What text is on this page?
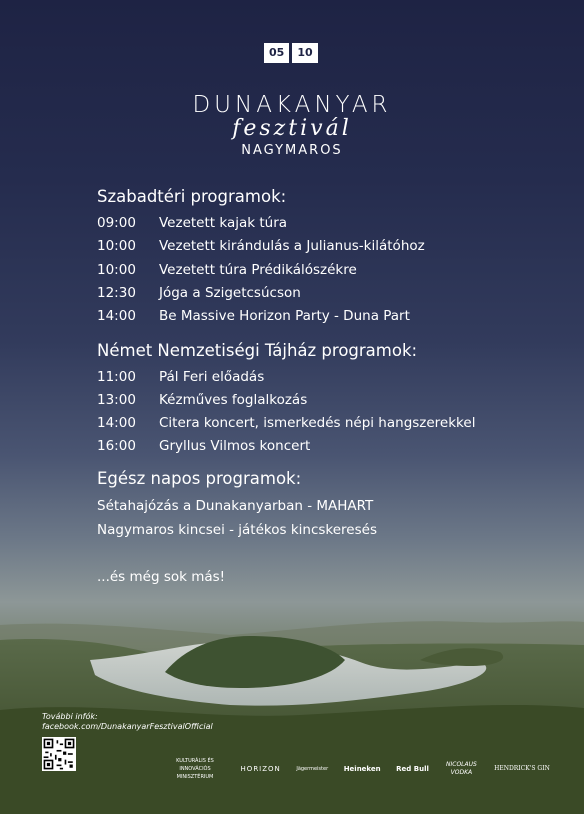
05	10
DUNAKANYAR
fesztivál
NAGYMAROS
Szabadtéri programok:
09:00	Vezetett kajak túra
10:00	Vezetett kirándulás a Julianus-kilátóhoz
10:00	Vezetett túra Prédikálószékre
12:30	Jóga a Szigetcsúcson
14:00	Be Massive Horizon Party - Duna Part
Német Nemzetiségi Tájház programok:
11:00	Pál Feri előadás
13:00	Kézműves foglalkozás
14:00	Citera koncert, ismerkedés népi hangszerekkel
16:00	Gryllus Vilmos koncert
Egész napos programok:
Sétahajózás a Dunakanyarban - MAHART
Nagymaros kincsei - játékos kincskeresés
...és még sok más!
További infók:
facebook.com/DunakanyarFesztivalOfficial
KULTURÁLIS ÉS INNOVÁCIÓS MINISZTÉRIUM
HORIZON	Jägermeister Heineken Red Bull
NICOLAUS VODKA
HENDRICK'S GIN
